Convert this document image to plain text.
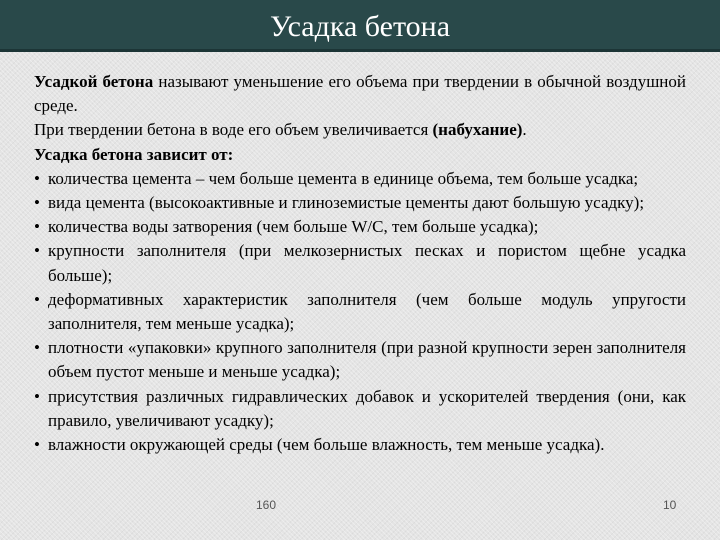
Усадка бетона

Усадкой бетона называют уменьшение его объема при твердении в обычной воздушной среде.

При твердении бетона в воде его объем увеличивается (набухание).

Усадка бетона зависит от:

• количества цемента – чем больше цемента в единице объема, тем больше усадка;
• вида цемента (высокоактивные и глиноземистые цементы дают большую усадку);
• количества воды затворения (чем больше W/C, тем больше усадка);
• крупности заполнителя (при мелкозернистых песках и пористом щебне усадка больше);
• деформативных характеристик заполнителя (чем больше модуль упругости заполнителя, тем меньше усадка);
• плотности «упаковки» крупного заполнителя (при разной крупности зерен заполнителя объем пустот меньше и меньше усадка);
• присутствия различных гидравлических добавок и ускорителей твердения (они, как правило, увеличивают усадку);
• влажности окружающей среды (чем больше влажность, тем меньше усадка).
160	10
